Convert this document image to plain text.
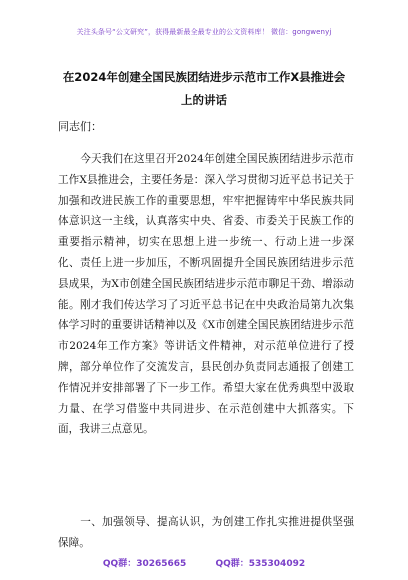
关注头条号“公文研究”，获得最新最全最专业的公文资料库！ 微信：gongwenyj
在2024年创建全国民族团结进步示范市工作X县推进会上的讲话
同志们：

今天我们在这里召开2024年创建全国民族团结进步示范市工作X县推进会，主要任务是：深入学习贯彻习近平总书记关于加强和改进民族工作的重要思想，牢牢把握铸牢中华民族共同体意识这一主线，认真落实中央、省委、市委关于民族工作的重要指示精神，切实在思想上进一步统一、行动上进一步深化、责任上进一步加压，不断巩固提升全国民族团结进步示范县成果，为X市创建全国民族团结进步示范市聊足干劲、增添动能。刚才我们传达学习了习近平总书记在中央政治局第九次集体学习时的重要讲话精神以及《X市创建全国民族团结进步示范市2024年工作方案》等讲话文件精神，对示范单位进行了授牌，部分单位作了交流发言，县民创办负责同志通报了创建工作情况并安排部署了下一步工作。希望大家在优秀典型中汲取力量、在学习借鉴中共同进步、在示范创建中大抓落实。下面，我讲三点意见。

一、加强领导、提高认识，为创建工作扎实推进提供坚强保障。

QQ群：30265665	QQ群：535304092
